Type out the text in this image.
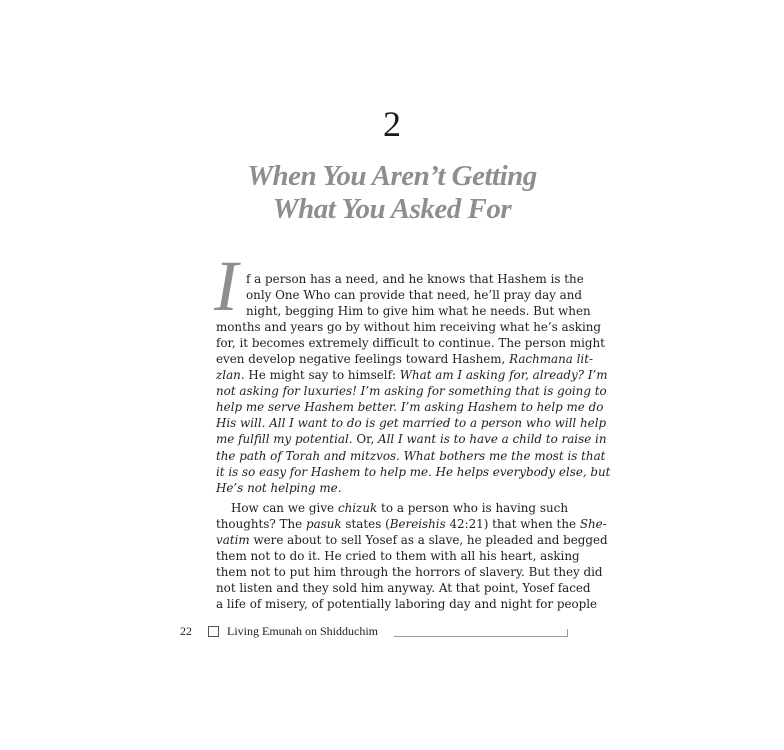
2
When You Aren’t Getting
What You Asked For
I f a person has a need, and he knows that Hashem is the
only One Who can provide that need, he’ll pray day and
night, begging Him to give him what he needs. But when
months and years go by without him receiving what he’s asking
for, it becomes extremely difficult to continue. The person might
even develop negative feelings toward Hashem, Rachmana lit-
zlan. He might say to himself: What am I asking for, already? I’m
not asking for luxuries! I’m asking for something that is going to
help me serve Hashem better. I’m asking Hashem to help me do
His will. All I want to do is get married to a person who will help
me fulfill my potential. Or, All I want is to have a child to raise in
the path of Torah and mitzvos. What bothers me the most is that
it is so easy for Hashem to help me. He helps everybody else, but
He’s not helping me.
How can we give chizuk to a person who is having such
thoughts? The pasuk states (Bereishis 42:21) that when the She-
vatim were about to sell Yosef as a slave, he pleaded and begged
them not to do it. He cried to them with all his heart, asking
them not to put him through the horrors of slavery. But they did
not listen and they sold him anyway. At that point, Yosef faced
a life of misery, of potentially laboring day and night for people
22	Living Emunah on Shidduchim
